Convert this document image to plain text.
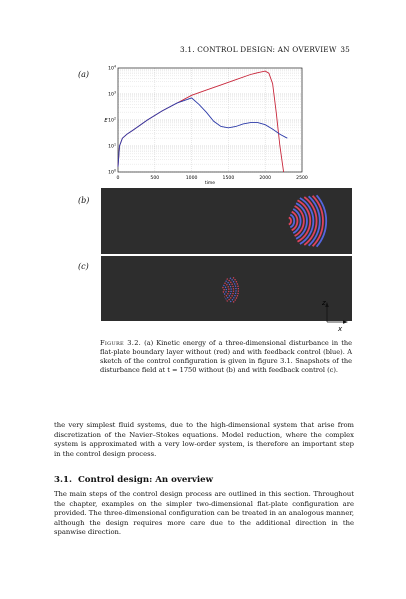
3.1. CONTROL DESIGN: AN OVERVIEW 35
(a)
(b)
(c)
0	500	1000	1500	2000	2500
$10^0$
$10^1$
$10^2$
$10^3$
$10^4$
time
E
z
x
Figure 3.2. (a) Kinetic energy of a three-dimensional disturbance in the flat-plate boundary layer without (red) and with feedback control (blue). A sketch of the control configuration is given in figure 3.1. Snapshots of the disturbance field at t = 1750 without (b) and with feedback control (c).
the very simplest fluid systems, due to the high-dimensional system that arise from discretization of the Navier–Stokes equations. Model reduction, where the complex system is approximated with a very low-order system, is therefore an important step in the control design process.
3.1. Control design: An overview
The main steps of the control design process are outlined in this section. Throughout the chapter, examples on the simpler two-dimensional flat-plate configuration are provided. The three-dimensional configuration can be treated in an analogous manner, although the design requires more care due to the additional direction in the spanwise direction.
